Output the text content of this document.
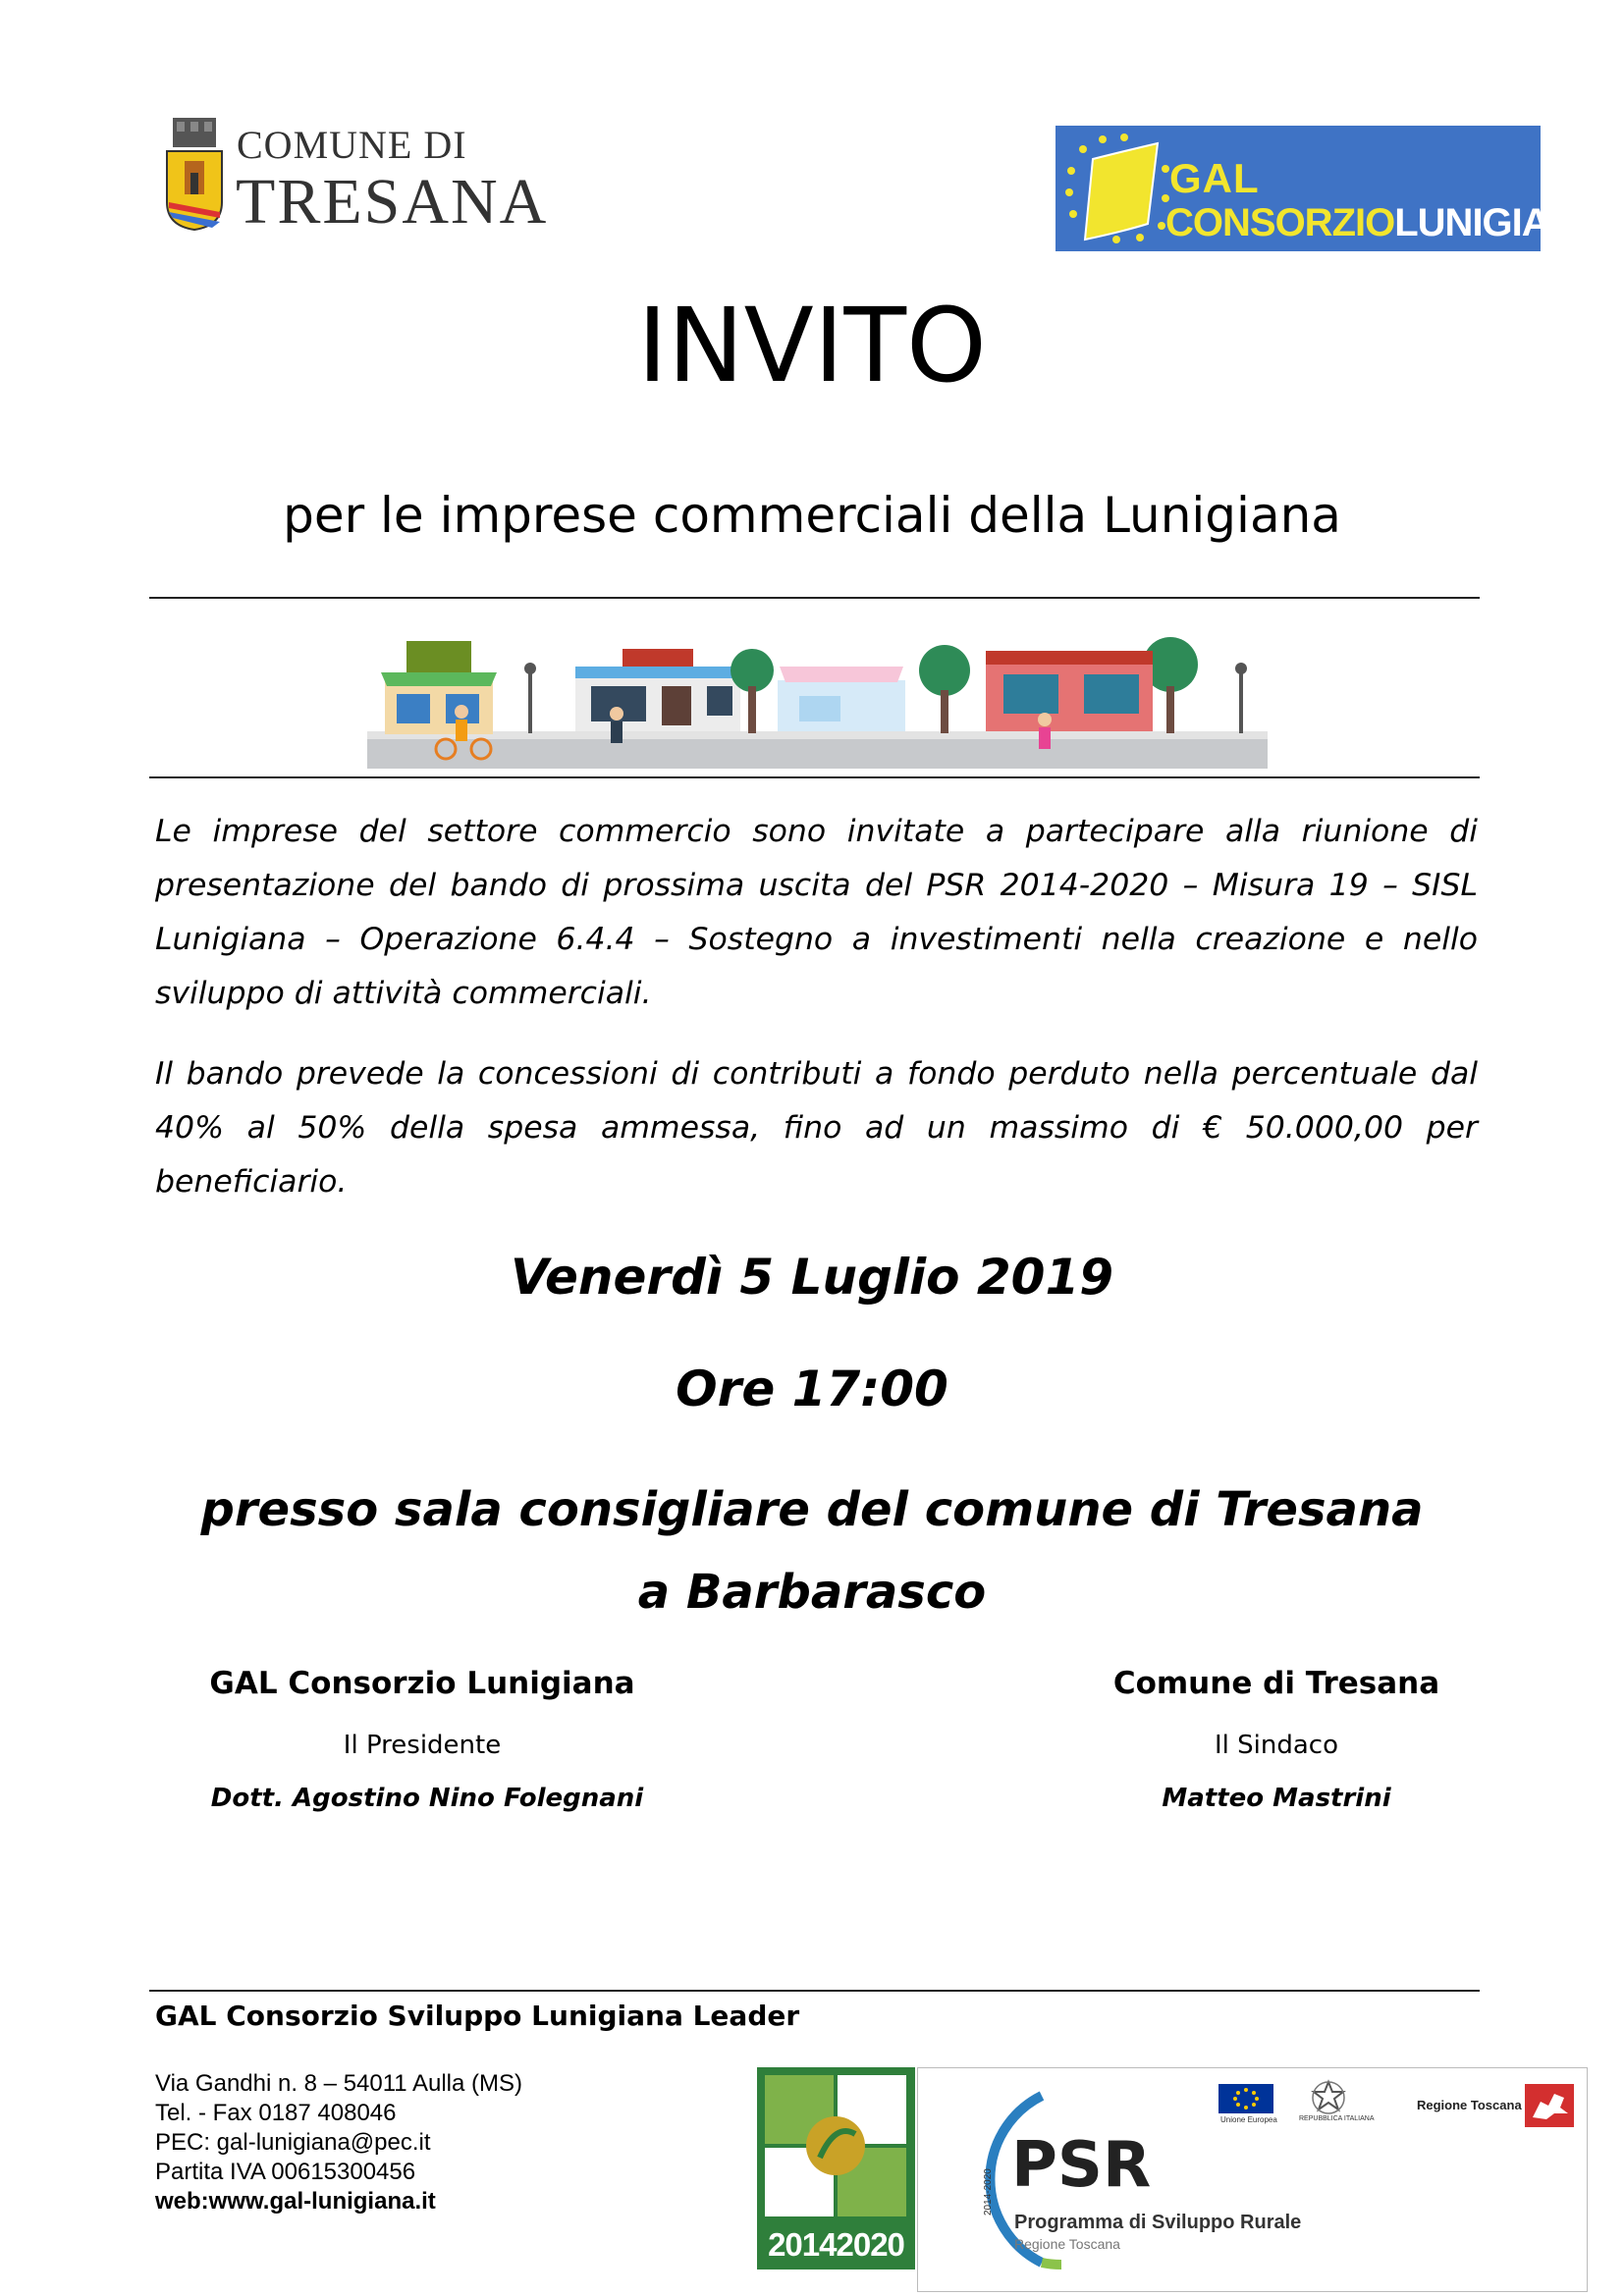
COMUNE DI
TRESANA	GAL
CONSORZIOLUNIGIANA
INVITO
per le imprese commerciali della Lunigiana
Le imprese del settore commercio sono invitate a partecipare alla riunione di presentazione del bando di prossima uscita del PSR 2014-2020 – Misura 19 – SISL Lunigiana – Operazione 6.4.4 – Sostegno a investimenti nella creazione e nello sviluppo di attività commerciali.
Il bando prevede la concessioni di contributi a fondo perduto nella percentuale dal 40% al 50% della spesa ammessa, fino ad un massimo di € 50.000,00 per beneficiario.
Venerdì 5 Luglio 2019
Ore 17:00
presso sala consigliare del comune di Tresana a Barbarasco
GAL Consorzio Lunigiana
Il Presidente
Dott. Agostino Nino Folegnani
Comune di Tresana
Il Sindaco
Matteo Mastrini
GAL Consorzio Sviluppo Lunigiana Leader
Via Gandhi n. 8 – 54011 Aulla (MS)
Tel. - Fax 0187 408046
PEC: gal-lunigiana@pec.it
Partita IVA 00615300456
web:www.gal-lunigiana.it
20142020
2014-2020 PSR
Programma di Sviluppo Rurale
Regione Toscana
Unione Europea	REPUBBLICA ITALIANA
Regione Toscana
